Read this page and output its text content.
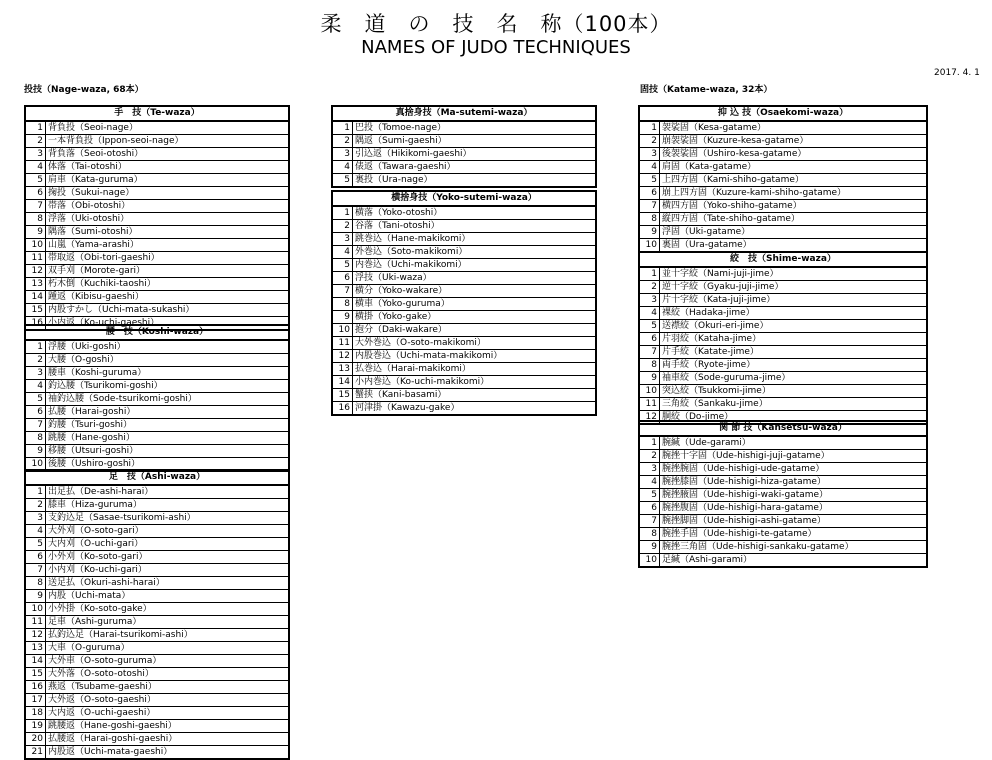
柔　道　の　技　名　称（100本）
NAMES OF JUDO TECHNIQUES
2017. 4. 1
投技（Nage-waza, 68本）	固技（Katame-waza, 32本）
手　技（Te-waza）
1 背負投（Seoi-nage）
2 一本背負投（Ippon-seoi-nage）
3 背負落（Seoi-otoshi）
4 体落（Tai-otoshi）
5 肩車（Kata-guruma）
6 掬投（Sukui-nage）
7 帯落（Obi-otoshi）
8 浮落（Uki-otoshi）
9 隅落（Sumi-otoshi）
10 山嵐（Yama-arashi）
11 帯取返（Obi-tori-gaeshi）
12 双手刈（Morote-gari）
13 朽木倒（Kuchiki-taoshi）
14 踵返（Kibisu-gaeshi）
15 内股すかし（Uchi-mata-sukashi）
16 小内返（Ko-uchi-gaeshi）
腰　技（Koshi-waza）
1 浮腰（Uki-goshi）
2 大腰（O-goshi）
3 腰車（Koshi-guruma）
4 釣込腰（Tsurikomi-goshi）
5 袖釣込腰（Sode-tsurikomi-goshi）
6 払腰（Harai-goshi）
7 釣腰（Tsuri-goshi）
8 跳腰（Hane-goshi）
9 移腰（Utsuri-goshi）
10 後腰（Ushiro-goshi）
足　技（Ashi-waza）
1 出足払（De-ashi-harai）
2 膝車（Hiza-guruma）
3 支釣込足（Sasae-tsurikomi-ashi）
4 大外刈（O-soto-gari）
5 大内刈（O-uchi-gari）
6 小外刈（Ko-soto-gari）
7 小内刈（Ko-uchi-gari）
8 送足払（Okuri-ashi-harai）
9 内股（Uchi-mata）
10 小外掛（Ko-soto-gake）
11 足車（Ashi-guruma）
12 払釣込足（Harai-tsurikomi-ashi）
13 大車（O-guruma）
14 大外車（O-soto-guruma）
15 大外落（O-soto-otoshi）
16 燕返（Tsubame-gaeshi）
17 大外返（O-soto-gaeshi）
18 大内返（O-uchi-gaeshi）
19 跳腰返（Hane-goshi-gaeshi）
20 払腰返（Harai-goshi-gaeshi）
21 内股返（Uchi-mata-gaeshi）
真捨身技（Ma-sutemi-waza）
1 巴投（Tomoe-nage）
2 隅返（Sumi-gaeshi）
3 引込返（Hikikomi-gaeshi）
4 俵返（Tawara-gaeshi）
5 裏投（Ura-nage）
横捨身技（Yoko-sutemi-waza）
1 横落（Yoko-otoshi）
2 谷落（Tani-otoshi）
3 跳巻込（Hane-makikomi）
4 外巻込（Soto-makikomi）
5 内巻込（Uchi-makikomi）
6 浮技（Uki-waza）
7 横分（Yoko-wakare）
8 横車（Yoko-guruma）
9 横掛（Yoko-gake）
10 抱分（Daki-wakare）
11 大外巻込（O-soto-makikomi）
12 内股巻込（Uchi-mata-makikomi）
13 払巻込（Harai-makikomi）
14 小内巻込（Ko-uchi-makikomi）
15 蟹挟（Kani-basami）
16 河津掛（Kawazu-gake）
抑 込 技（Osaekomi-waza）
1 袈裟固（Kesa-gatame）
2 崩袈裟固（Kuzure-kesa-gatame）
3 後袈裟固（Ushiro-kesa-gatame）
4 肩固（Kata-gatame）
5 上四方固（Kami-shiho-gatame）
6 崩上四方固（Kuzure-kami-shiho-gatame）
7 横四方固（Yoko-shiho-gatame）
8 縦四方固（Tate-shiho-gatame）
9 浮固（Uki-gatame）
10 裏固（Ura-gatame）
絞　技（Shime-waza）
1 並十字絞（Nami-juji-jime）
2 逆十字絞（Gyaku-juji-jime）
3 片十字絞（Kata-juji-jime）
4 裸絞（Hadaka-jime）
5 送襟絞（Okuri-eri-jime）
6 片羽絞（Kataha-jime）
7 片手絞（Katate-jime）
8 両手絞（Ryote-jime）
9 袖車絞（Sode-guruma-jime）
10 突込絞（Tsukkomi-jime）
11 三角絞（Sankaku-jime）
12 胴絞（Do-jime）
関 節 技（Kansetsu-waza）
1 腕緘（Ude-garami）
2 腕挫十字固（Ude-hishigi-juji-gatame）
3 腕挫腕固（Ude-hishigi-ude-gatame）
4 腕挫膝固（Ude-hishigi-hiza-gatame）
5 腕挫腋固（Ude-hishigi-waki-gatame）
6 腕挫腹固（Ude-hishigi-hara-gatame）
7 腕挫脚固（Ude-hishigi-ashi-gatame）
8 腕挫手固（Ude-hishigi-te-gatame）
9 腕挫三角固（Ude-hishigi-sankaku-gatame）
10 足緘（Ashi-garami）
